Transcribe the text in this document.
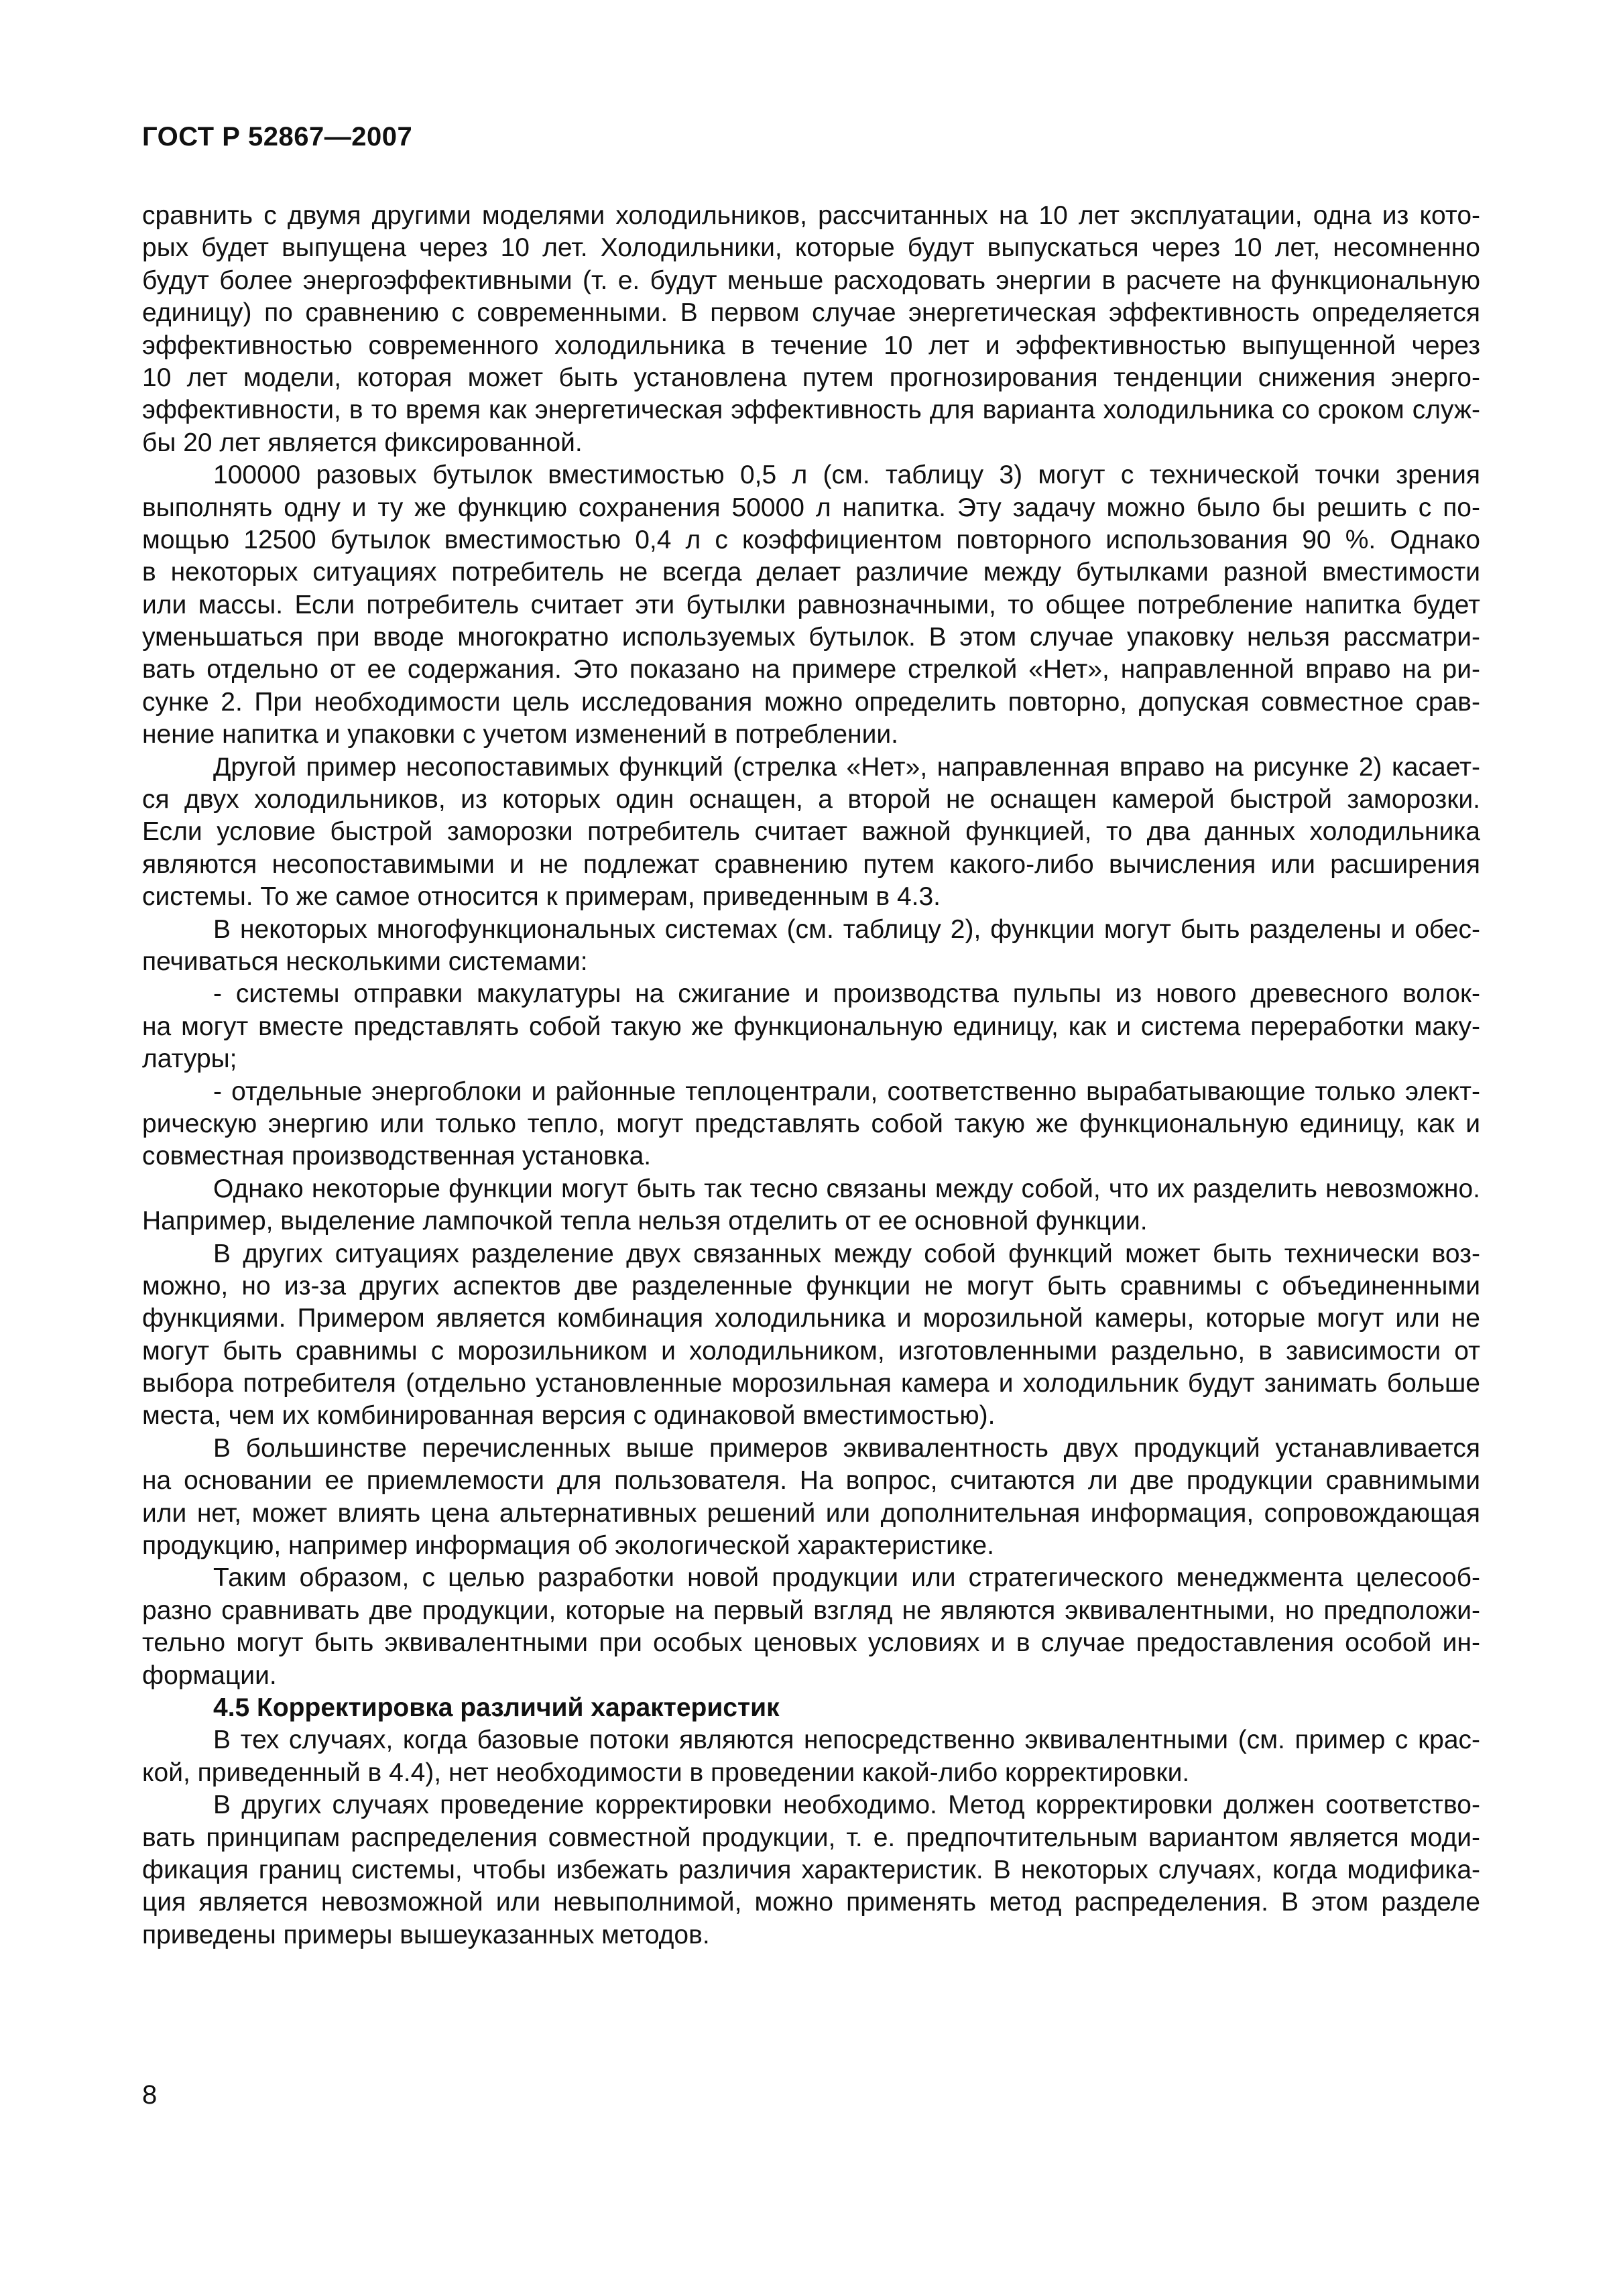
ГОСТ Р 52867—2007
сравнить с двумя другими моделями холодильников, рассчитанных на 10 лет эксплуатации, одна из кото-
рых будет выпущена через 10 лет. Холодильники, которые будут выпускаться через 10 лет, несомненно
будут более энергоэффективными (т. е. будут меньше расходовать энергии в расчете на функциональную
единицу) по сравнению с современными. В первом случае энергетическая эффективность определяется
эффективностью современного холодильника в течение 10 лет и эффективностью выпущенной через
10 лет модели, которая может быть установлена путем прогнозирования тенденции снижения энерго-
эффективности, в то время как энергетическая эффективность для варианта холодильника со сроком служ-
бы 20 лет является фиксированной.
100000 разовых бутылок вместимостью 0,5 л (см. таблицу 3) могут с технической точки зрения
выполнять одну и ту же функцию сохранения 50000 л напитка. Эту задачу можно было бы решить с по-
мощью 12500 бутылок вместимостью 0,4 л с коэффициентом повторного использования 90 %. Однако
в некоторых ситуациях потребитель не всегда делает различие между бутылками разной вместимости
или массы. Если потребитель считает эти бутылки равнозначными, то общее потребление напитка будет
уменьшаться при вводе многократно используемых бутылок. В этом случае упаковку нельзя рассматри-
вать отдельно от ее содержания. Это показано на примере стрелкой «Нет», направленной вправо на ри-
сунке 2. При необходимости цель исследования можно определить повторно, допуская совместное срав-
нение напитка и упаковки с учетом изменений в потреблении.
Другой пример несопоставимых функций (стрелка «Нет», направленная вправо на рисунке 2) касает-
ся двух холодильников, из которых один оснащен, а второй не оснащен камерой быстрой заморозки.
Если условие быстрой заморозки потребитель считает важной функцией, то два данных холодильника
являются несопоставимыми и не подлежат сравнению путем какого-либо вычисления или расширения
системы. То же самое относится к примерам, приведенным в 4.3.
В некоторых многофункциональных системах (см. таблицу 2), функции могут быть разделены и обес-
печиваться несколькими системами:
- системы отправки макулатуры на сжигание и производства пульпы из нового древесного волок-
на могут вместе представлять собой такую же функциональную единицу, как и система переработки маку-
латуры;
- отдельные энергоблоки и районные теплоцентрали, соответственно вырабатывающие только элект-
рическую энергию или только тепло, могут представлять собой такую же функциональную единицу, как и
совместная производственная установка.
Однако некоторые функции могут быть так тесно связаны между собой, что их разделить невозможно.
Например, выделение лампочкой тепла нельзя отделить от ее основной функции.
В других ситуациях разделение двух связанных между собой функций может быть технически воз-
можно, но из-за других аспектов две разделенные функции не могут быть сравнимы с объединенными
функциями. Примером является комбинация холодильника и морозильной камеры, которые могут или не
могут быть сравнимы с морозильником и холодильником, изготовленными раздельно, в зависимости от
выбора потребителя (отдельно установленные морозильная камера и холодильник будут занимать больше
места, чем их комбинированная версия с одинаковой вместимостью).
В большинстве перечисленных выше примеров эквивалентность двух продукций устанавливается
на основании ее приемлемости для пользователя. На вопрос, считаются ли две продукции сравнимыми
или нет, может влиять цена альтернативных решений или дополнительная информация, сопровождающая
продукцию, например информация об экологической характеристике.
Таким образом, с целью разработки новой продукции или стратегического менеджмента целесооб-
разно сравнивать две продукции, которые на первый взгляд не являются эквивалентными, но предположи-
тельно могут быть эквивалентными при особых ценовых условиях и в случае предоставления особой ин-
формации.
4.5 Корректировка различий характеристик
В тех случаях, когда базовые потоки являются непосредственно эквивалентными (см. пример с крас-
кой, приведенный в 4.4), нет необходимости в проведении какой-либо корректировки.
В других случаях проведение корректировки необходимо. Метод корректировки должен соответство-
вать принципам распределения совместной продукции, т. е. предпочтительным вариантом является моди-
фикация границ системы, чтобы избежать различия характеристик. В некоторых случаях, когда модифика-
ция является невозможной или невыполнимой, можно применять метод распределения. В этом разделе
приведены примеры вышеуказанных методов.
8
